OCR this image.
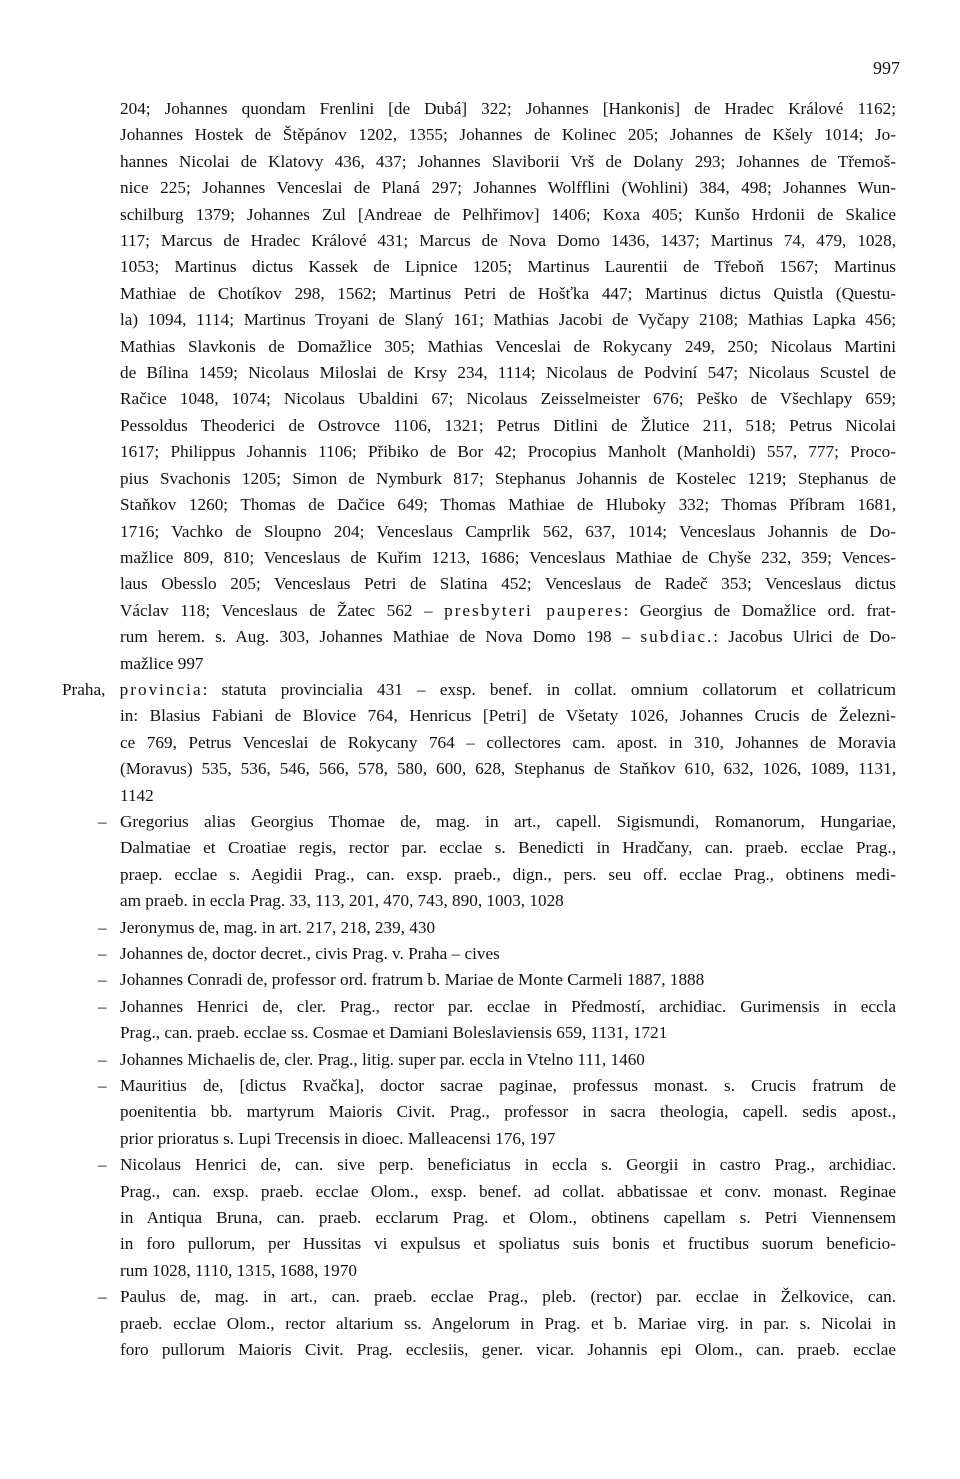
997
204; Johannes quondam Frenlini [de Dubá] 322; Johannes [Hankonis] de Hradec Králové 1162;
Johannes Hostek de Štěpánov 1202, 1355; Johannes de Kolinec 205; Johannes de Kšely 1014; Jo-
hannes Nicolai de Klatovy 436, 437; Johannes Slaviborii Vrš de Dolany 293; Johannes de Třemoš-
nice 225; Johannes Venceslai de Planá 297; Johannes Wolfflini (Wohlini) 384, 498; Johannes Wun-
schilburg 1379; Johannes Zul [Andreae de Pelhřimov] 1406; Koxa 405; Kunšo Hrdonii de Skalice
117; Marcus de Hradec Králové 431; Marcus de Nova Domo 1436, 1437; Martinus 74, 479, 1028,
1053; Martinus dictus Kassek de Lipnice 1205; Martinus Laurentii de Třeboň 1567; Martinus
Mathiae de Chotíkov 298, 1562; Martinus Petri de Hošťka 447; Martinus dictus Quistla (Questu-
la) 1094, 1114; Martinus Troyani de Slaný 161; Mathias Jacobi de Vyčapy 2108; Mathias Lapka 456;
Mathias Slavkonis de Domažlice 305; Mathias Venceslai de Rokycany 249, 250; Nicolaus Martini
de Bílina 1459; Nicolaus Miloslai de Krsy 234, 1114; Nicolaus de Podviní 547; Nicolaus Scustel de
Račice 1048, 1074; Nicolaus Ubaldini 67; Nicolaus Zeisselmeister 676; Peško de Všechlapy 659;
Pessoldus Theoderici de Ostrovce 1106, 1321; Petrus Ditlini de Žlutice 211, 518; Petrus Nicolai
1617; Philippus Johannis 1106; Přibiko de Bor 42; Procopius Manholt (Manholdi) 557, 777; Proco-
pius Svachonis 1205; Simon de Nymburk 817; Stephanus Johannis de Kostelec 1219; Stephanus de
Staňkov 1260; Thomas de Dačice 649; Thomas Mathiae de Hluboky 332; Thomas Příbram 1681,
1716; Vachko de Sloupno 204; Venceslaus Camprlik 562, 637, 1014; Venceslaus Johannis de Do-
mažlice 809, 810; Venceslaus de Kuřim 1213, 1686; Venceslaus Mathiae de Chyše 232, 359; Vences-
laus Obesslo 205; Venceslaus Petri de Slatina 452; Venceslaus de Radeč 353; Venceslaus dictus
Václav 118; Venceslaus de Žatec 562 – presbyteri pauperes: Georgius de Domažlice ord. frat-
rum herem. s. Aug. 303, Johannes Mathiae de Nova Domo 198 – subdiac.: Jacobus Ulrici de Do-
mažlice 997
Praha, provincia: statuta provincialia 431 – exsp. benef. in collat. omnium collatorum et collatricum
in: Blasius Fabiani de Blovice 764, Henricus [Petri] de Všetaty 1026, Johannes Crucis de Železni-
ce 769, Petrus Venceslai de Rokycany 764 – collectores cam. apost. in 310, Johannes de Moravia
(Moravus) 535, 536, 546, 566, 578, 580, 600, 628, Stephanus de Staňkov 610, 632, 1026, 1089, 1131,
1142
– Gregorius alias Georgius Thomae de, mag. in art., capell. Sigismundi, Romanorum, Hungariae,
Dalmatiae et Croatiae regis, rector par. ecclae s. Benedicti in Hradčany, can. praeb. ecclae Prag.,
praep. ecclae s. Aegidii Prag., can. exsp. praeb., dign., pers. seu off. ecclae Prag., obtinens medi-
am praeb. in eccla Prag. 33, 113, 201, 470, 743, 890, 1003, 1028
– Jeronymus de, mag. in art. 217, 218, 239, 430
– Johannes de, doctor decret., civis Prag. v. Praha – cives
– Johannes Conradi de, professor ord. fratrum b. Mariae de Monte Carmeli 1887, 1888
– Johannes Henrici de, cler. Prag., rector par. ecclae in Předmostí, archidiac. Gurimensis in eccla
Prag., can. praeb. ecclae ss. Cosmae et Damiani Boleslaviensis 659, 1131, 1721
– Johannes Michaelis de, cler. Prag., litig. super par. eccla in Vtelno 111, 1460
– Mauritius de, [dictus Rvačka], doctor sacrae paginae, professus monast. s. Crucis fratrum de
poenitentia bb. martyrum Maioris Civit. Prag., professor in sacra theologia, capell. sedis apost.,
prior prioratus s. Lupi Trecensis in dioec. Malleacensi 176, 197
– Nicolaus Henrici de, can. sive perp. beneficiatus in eccla s. Georgii in castro Prag., archidiac.
Prag., can. exsp. praeb. ecclae Olom., exsp. benef. ad collat. abbatissae et conv. monast. Reginae
in Antiqua Bruna, can. praeb. ecclarum Prag. et Olom., obtinens capellam s. Petri Viennensem
in foro pullorum, per Hussitas vi expulsus et spoliatus suis bonis et fructibus suorum beneficio-
rum 1028, 1110, 1315, 1688, 1970
– Paulus de, mag. in art., can. praeb. ecclae Prag., pleb. (rector) par. ecclae in Želkovice, can.
praeb. ecclae Olom., rector altarium ss. Angelorum in Prag. et b. Mariae virg. in par. s. Nicolai in
foro pullorum Maioris Civit. Prag. ecclesiis, gener. vicar. Johannis epi Olom., can. praeb. ecclae
